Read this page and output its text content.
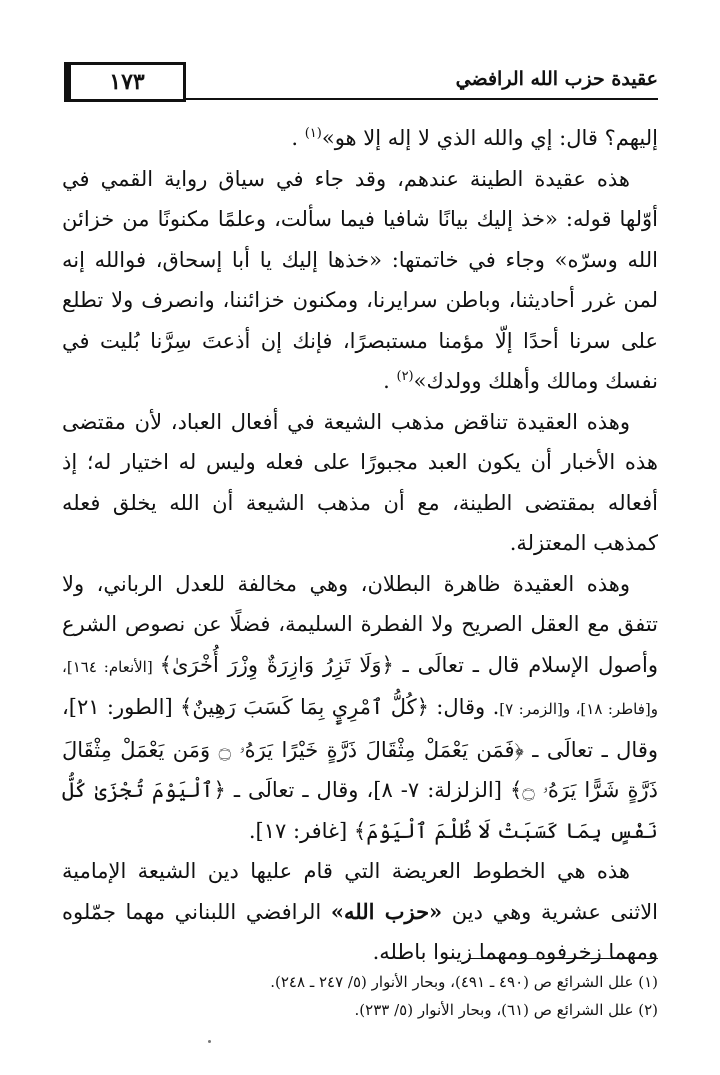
عقيدة حزب الله الرافضي
١٧٣

إليهم؟ قال: إي والله الذي لا إله إلا هو»$^{(١)}$ .

هذه عقيدة الطينة عندهم، وقد جاء في سياق رواية القمي في أوّلها قوله: «خذ إليك بيانًا شافيا فيما سألت، وعلمًا مكنونًا من خزائن الله وسرّه» وجاء في خاتمتها: «خذها إليك يا أبا إسحاق، فوالله إنه لمن غرر أحاديثنا، وباطن سرايرنا، ومكنون خزائننا، وانصرف ولا تطلع على سرنا أحدًا إلّا مؤمنا مستبصرًا، فإنك إن أذعتَ سِرَّنا بُليت في نفسك ومالك وأهلك وولدك»$^{(٢)}$ .

وهذه العقيدة تناقض مذهب الشيعة في أفعال العباد، لأن مقتضى هذه الأخبار أن يكون العبد مجبورًا على فعله وليس له اختيار له؛ إذ أفعاله بمقتضى الطينة، مع أن مذهب الشيعة أن الله يخلق فعله كمذهب المعتزلة.

وهذه العقيدة ظاهرة البطلان، وهي مخالفة للعدل الرباني، ولا تتفق مع العقل الصريح ولا الفطرة السليمة، فضلًا عن نصوص الشرع وأصول الإسلام قال ـ تعالَى ـ ﴿وَلَا تَزِرُ وَازِرَةٌ وِزْرَ أُخْرَىٰ﴾ [الأنعام: ١٦٤]، و[فاطر: ١٨]، و[الزمر: ٧]. وقال: ﴿كُلُّ ٱمْرِيٍٕ بِمَا كَسَبَ رَهِينٌ﴾ [الطور: ٢١]، وقال ـ تعالَى ـ ﴿فَمَن يَعْمَلْ مِثْقَالَ ذَرَّةٍ خَيْرًا يَرَهُۥ ۝ وَمَن يَعْمَلْ مِثْقَالَ ذَرَّةٍ شَرًّا يَرَهُۥ ۝﴾ [الزلزلة: ٧- ٨]، وقال ـ تعالَى ـ ﴿ٱلْيَوْمَ تُجْزَىٰ كُلُّ نَفْسٍ بِمَا كَسَبَتْ لَا ظُلْمَ ٱلْيَوْمَ﴾ [غافر: ١٧].

هذه هي الخطوط العريضة التي قام عليها دين الشيعة الإمامية الاثنى عشرية وهي دين «حزب الله» الرافضي اللبناني مهما جمّلوه ومهما زخرفوه ومهما زينوا باطله.

(١) علل الشرائع ص (٤٩٠ ـ ٤٩١)، وبحار الأنوار (٥/ ٢٤٧ ـ ٢٤٨).
(٢) علل الشرائع ص (٦١)، وبحار الأنوار (٥/ ٢٣٣).
